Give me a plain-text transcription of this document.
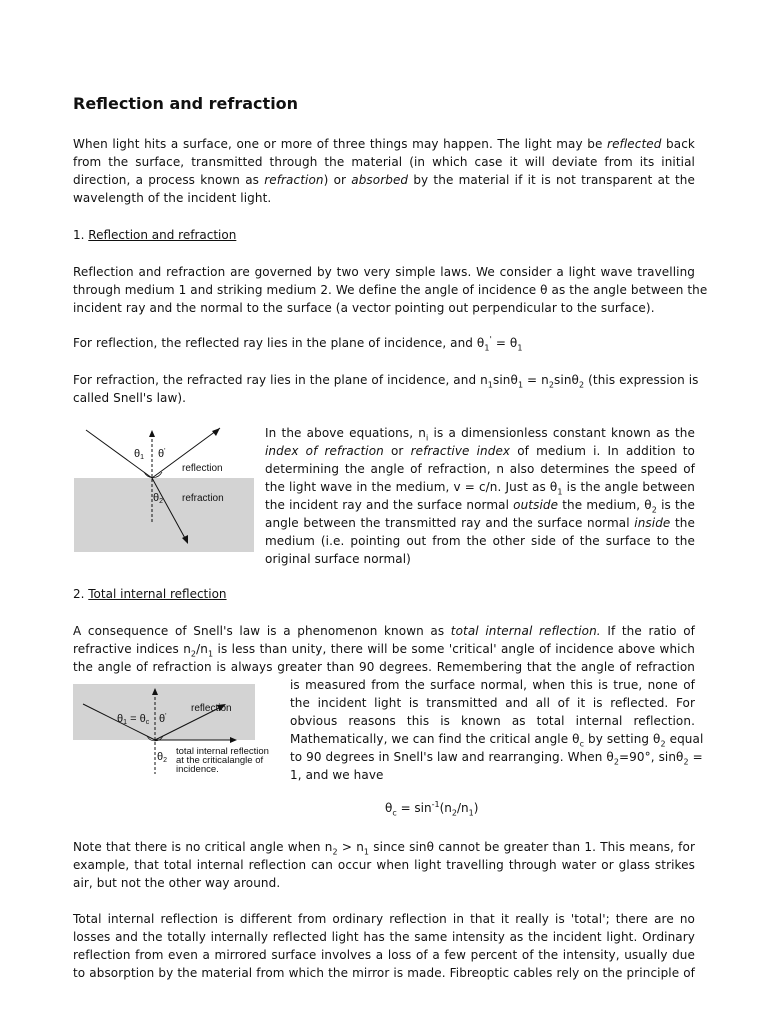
Reflection and refraction
When light hits a surface, one or more of three things may happen. The light may be reflected back
from the surface, transmitted through the material (in which case it will deviate from its initial
direction, a process known as refraction) or absorbed by the material if it is not transparent at the
wavelength of the incident light.
1. Reflection and refraction
Reflection and refraction are governed by two very simple laws. We consider a light wave travelling
through medium 1 and striking medium 2. We define the angle of incidence θ as the angle between the
incident ray and the normal to the surface (a vector pointing out perpendicular to the surface).
For reflection, the reflected ray lies in the plane of incidence, and $\theta_1' = \theta_1$
For refraction, the refracted ray lies in the plane of incidence, and $n_1\sin\theta_1 = n_2\sin\theta_2$ (this expression is
called Snell's law).
θ1 θ'
reflection
θ2 refraction
In the above equations, $n_i$ is a dimensionless constant known as the
index of refraction or refractive index of medium i. In addition to
determining the angle of refraction, n also determines the speed of
the light wave in the medium, v = c/n. Just as $\theta_1$ is the angle between
the incident ray and the surface normal outside the medium, $\theta_2$ is the
angle between the transmitted ray and the surface normal inside the
medium (i.e. pointing out from the other side of the surface to the
original surface normal)
2. Total internal reflection
A consequence of Snell's law is a phenomenon known as total internal reflection. If the ratio of
refractive indices $n_2/n_1$ is less than unity, there will be some 'critical' angle of incidence above which
the angle of refraction is always greater than 90 degrees. Remembering that the angle of refraction
reflection
θ1 = θc θ'
θ2
total internal reflection
at the criticalangle of
incidence.
is measured from the surface normal, when this is true, none of
the incident light is transmitted and all of it is reflected. For
obvious reasons this is known as total internal reflection.
Mathematically, we can find the critical angle $\theta_c$ by setting $\theta_2$ equal
to 90 degrees in Snell's law and rearranging. When $\theta_2=90^\circ$, sinθ$_2$ =
1, and we have
$\theta_c = \sin^{-1}(n_2/n_1)$
Note that there is no critical angle when $n_2 > n_1$ since sinθ cannot be greater than 1. This means, for
example, that total internal reflection can occur when light travelling through water or glass strikes
air, but not the other way around.
Total internal reflection is different from ordinary reflection in that it really is 'total'; there are no
losses and the totally internally reflected light has the same intensity as the incident light. Ordinary
reflection from even a mirrored surface involves a loss of a few percent of the intensity, usually due
to absorption by the material from which the mirror is made. Fibreoptic cables rely on the principle of
